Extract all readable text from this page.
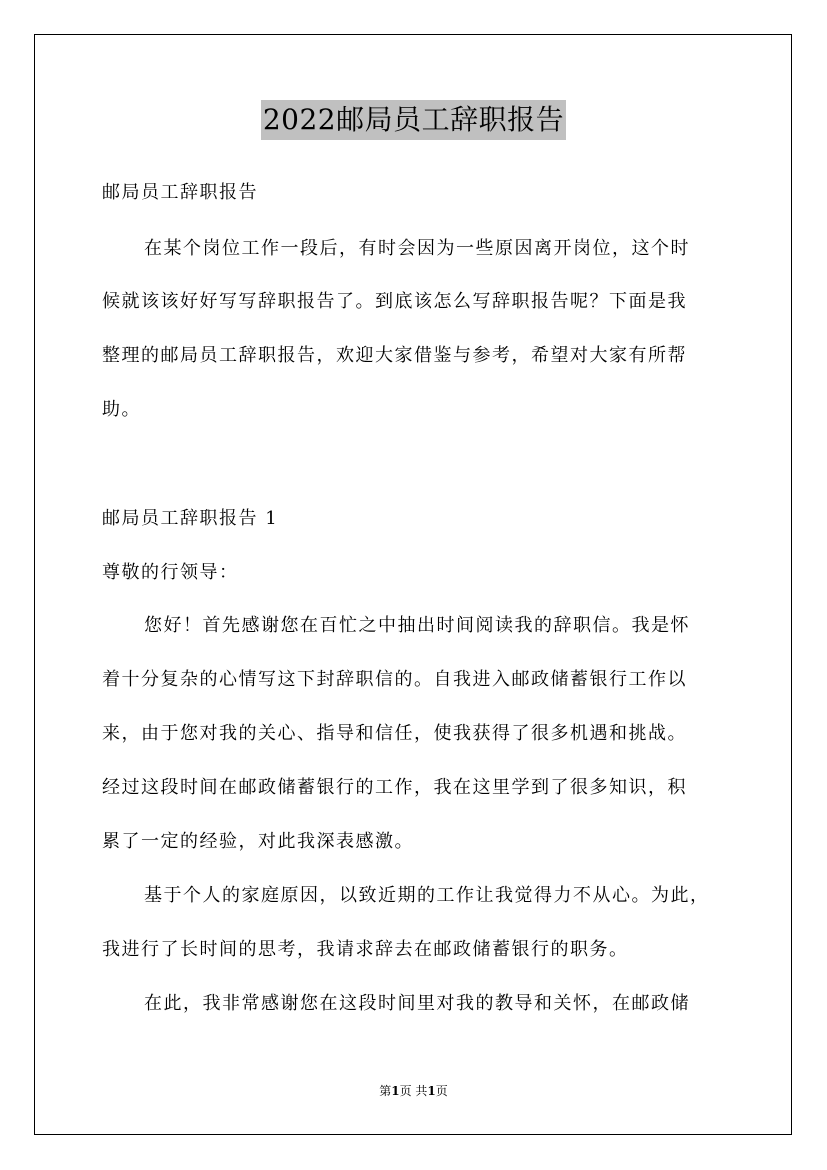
2022邮局员工辞职报告
邮局员工辞职报告
在某个岗位工作一段后，有时会因为一些原因离开岗位，这个时
候就该该好好写写辞职报告了。到底该怎么写辞职报告呢？下面是我
整理的邮局员工辞职报告，欢迎大家借鉴与参考，希望对大家有所帮
助。
邮局员工辞职报告 1
尊敬的行领导：
您好！首先感谢您在百忙之中抽出时间阅读我的辞职信。我是怀
着十分复杂的心情写这下封辞职信的。自我进入邮政储蓄银行工作以
来，由于您对我的关心、指导和信任，使我获得了很多机遇和挑战。
经过这段时间在邮政储蓄银行的工作，我在这里学到了很多知识，积
累了一定的经验，对此我深表感激。
基于个人的家庭原因，以致近期的工作让我觉得力不从心。为此，
我进行了长时间的思考，我请求辞去在邮政储蓄银行的职务。
在此，我非常感谢您在这段时间里对我的教导和关怀，在邮政储
第1页 共1页
